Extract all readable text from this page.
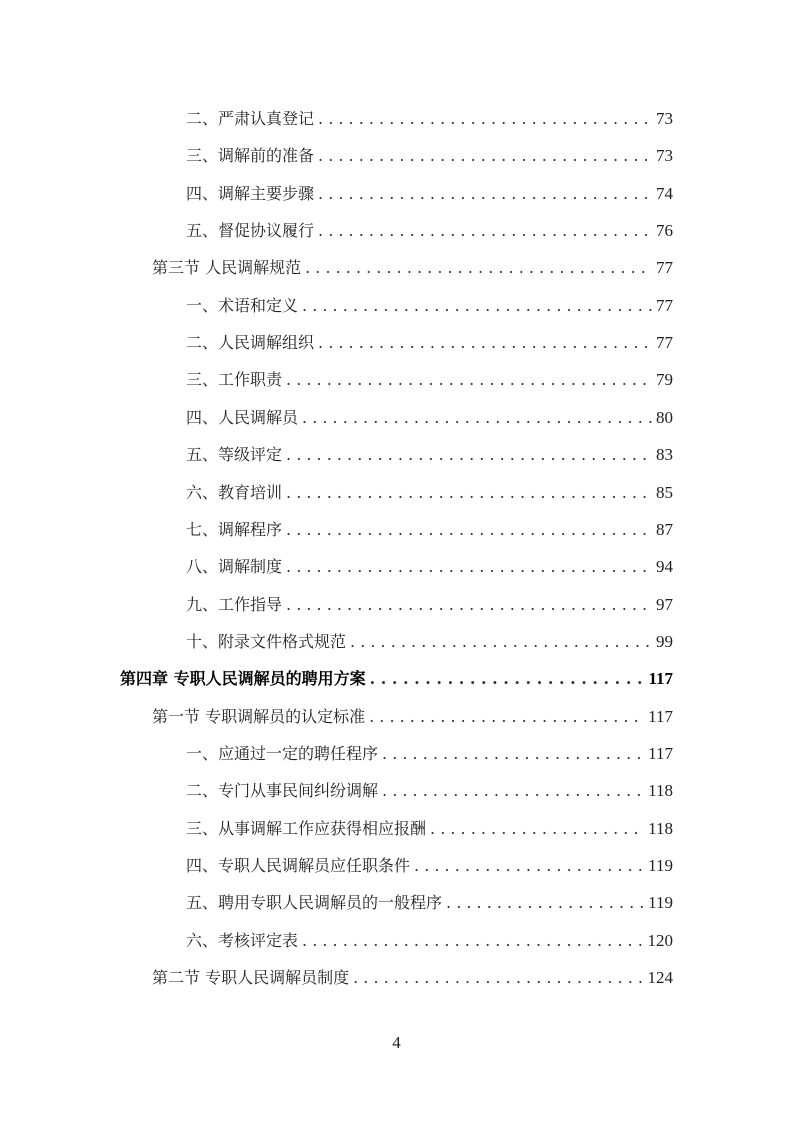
二、严肃认真登记 . . .	73
三、调解前的准备 . . .	73
四、调解主要步骤 . . .	74
五、督促协议履行 . . .	76
第三节 人民调解规范 . . .	77
一、术语和定义 . . .	77
二、人民调解组织 . . .	77
三、工作职责 . . .	79
四、人民调解员 . . .	80
五、等级评定 . . .	83
六、教育培训 . . .	85
七、调解程序 . . .	87
八、调解制度 . . .	94
九、工作指导 . . .	97
十、附录文件格式规范 . . .	99
第四章 专职人民调解员的聘用方案 . . .	117
第一节 专职调解员的认定标准 . . .	117
一、应通过一定的聘任程序 . . .	117
二、专门从事民间纠纷调解 . . .	118
三、从事调解工作应获得相应报酬 . . .	118
四、专职人民调解员应任职条件 . . .	119
五、聘用专职人民调解员的一般程序 . . .	119
六、考核评定表 . . .	120
第二节 专职人民调解员制度 . . .	124
4
